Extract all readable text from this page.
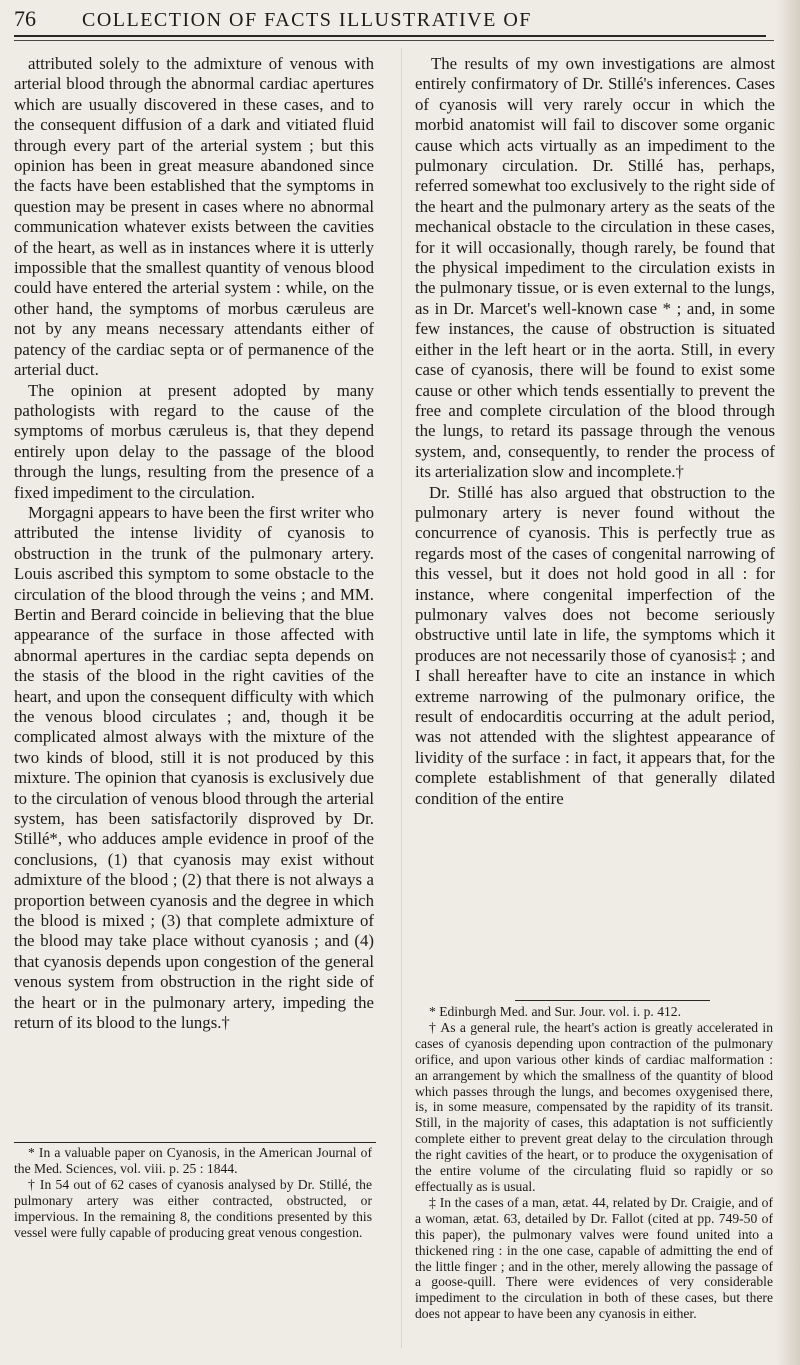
76 COLLECTION OF FACTS ILLUSTRATIVE OF

attributed solely to the admixture of venous with arterial blood through the abnormal cardiac apertures which are usually discovered in these cases, and to the consequent diffusion of a dark and vitiated fluid through every part of the arterial system ; but this opinion has been in great measure abandoned since the facts have been established that the symptoms in question may be present in cases where no abnormal communication whatever exists between the cavities of the heart, as well as in instances where it is utterly impossible that the smallest quantity of venous blood could have entered the arterial system : while, on the other hand, the symptoms of morbus cæruleus are not by any means necessary attendants either of patency of the cardiac septa or of permanence of the arterial duct.

The opinion at present adopted by many pathologists with regard to the cause of the symptoms of morbus cæruleus is, that they depend entirely upon delay to the passage of the blood through the lungs, resulting from the presence of a fixed impediment to the circulation.

Morgagni appears to have been the first writer who attributed the intense lividity of cyanosis to obstruction in the trunk of the pulmonary artery. Louis ascribed this symptom to some obstacle to the circulation of the blood through the veins ; and MM. Bertin and Berard coincide in believing that the blue appearance of the surface in those affected with abnormal apertures in the cardiac septa depends on the stasis of the blood in the right cavities of the heart, and upon the consequent difficulty with which the venous blood circulates ; and, though it be complicated almost always with the mixture of the two kinds of blood, still it is not produced by this mixture. The opinion that cyanosis is exclusively due to the circulation of venous blood through the arterial system, has been satisfactorily disproved by Dr. Stillé*, who adduces ample evidence in proof of the conclusions, (1) that cyanosis may exist without admixture of the blood ; (2) that there is not always a proportion between cyanosis and the degree in which the blood is mixed ; (3) that complete admixture of the blood may take place without cyanosis ; and (4) that cyanosis depends upon congestion of the general venous system from obstruction in the right side of the heart or in the pulmonary artery, impeding the return of its blood to the lungs.†

* In a valuable paper on Cyanosis, in the American Journal of the Med. Sciences, vol. viii. p. 25 : 1844.

† In 54 out of 62 cases of cyanosis analysed by Dr. Stillé, the pulmonary artery was either contracted, obstructed, or impervious. In the remaining 8, the conditions presented by this vessel were fully capable of producing great venous congestion.

The results of my own investigations are almost entirely confirmatory of Dr. Stillé's inferences. Cases of cyanosis will very rarely occur in which the morbid anatomist will fail to discover some organic cause which acts virtually as an impediment to the pulmonary circulation. Dr. Stillé has, perhaps, referred somewhat too exclusively to the right side of the heart and the pulmonary artery as the seats of the mechanical obstacle to the circulation in these cases, for it will occasionally, though rarely, be found that the physical impediment to the circulation exists in the pulmonary tissue, or is even external to the lungs, as in Dr. Marcet's well-known case * ; and, in some few instances, the cause of obstruction is situated either in the left heart or in the aorta. Still, in every case of cyanosis, there will be found to exist some cause or other which tends essentially to prevent the free and complete circulation of the blood through the lungs, to retard its passage through the venous system, and, consequently, to render the process of its arterialization slow and incomplete.†

Dr. Stillé has also argued that obstruction to the pulmonary artery is never found without the concurrence of cyanosis. This is perfectly true as regards most of the cases of congenital narrowing of this vessel, but it does not hold good in all : for instance, where congenital imperfection of the pulmonary valves does not become seriously obstructive until late in life, the symptoms which it produces are not necessarily those of cyanosis‡ ; and I shall hereafter have to cite an instance in which extreme narrowing of the pulmonary orifice, the result of endocarditis occurring at the adult period, was not attended with the slightest appearance of lividity of the surface : in fact, it appears that, for the complete establishment of that generally dilated condition of the entire

* Edinburgh Med. and Sur. Jour. vol. i. p. 412.

† As a general rule, the heart's action is greatly accelerated in cases of cyanosis depending upon contraction of the pulmonary orifice, and upon various other kinds of cardiac malformation : an arrangement by which the smallness of the quantity of blood which passes through the lungs, and becomes oxygenised there, is, in some measure, compensated by the rapidity of its transit. Still, in the majority of cases, this adaptation is not sufficiently complete either to prevent great delay to the circulation through the right cavities of the heart, or to produce the oxygenisation of the entire volume of the circulating fluid so rapidly or so effectually as is usual.

‡ In the cases of a man, ætat. 44, related by Dr. Craigie, and of a woman, ætat. 63, detailed by Dr. Fallot (cited at pp. 749-50 of this paper), the pulmonary valves were found united into a thickened ring : in the one case, capable of admitting the end of the little finger ; and in the other, merely allowing the passage of a goose-quill. There were evidences of very considerable impediment to the circulation in both of these cases, but there does not appear to have been any cyanosis in either.
